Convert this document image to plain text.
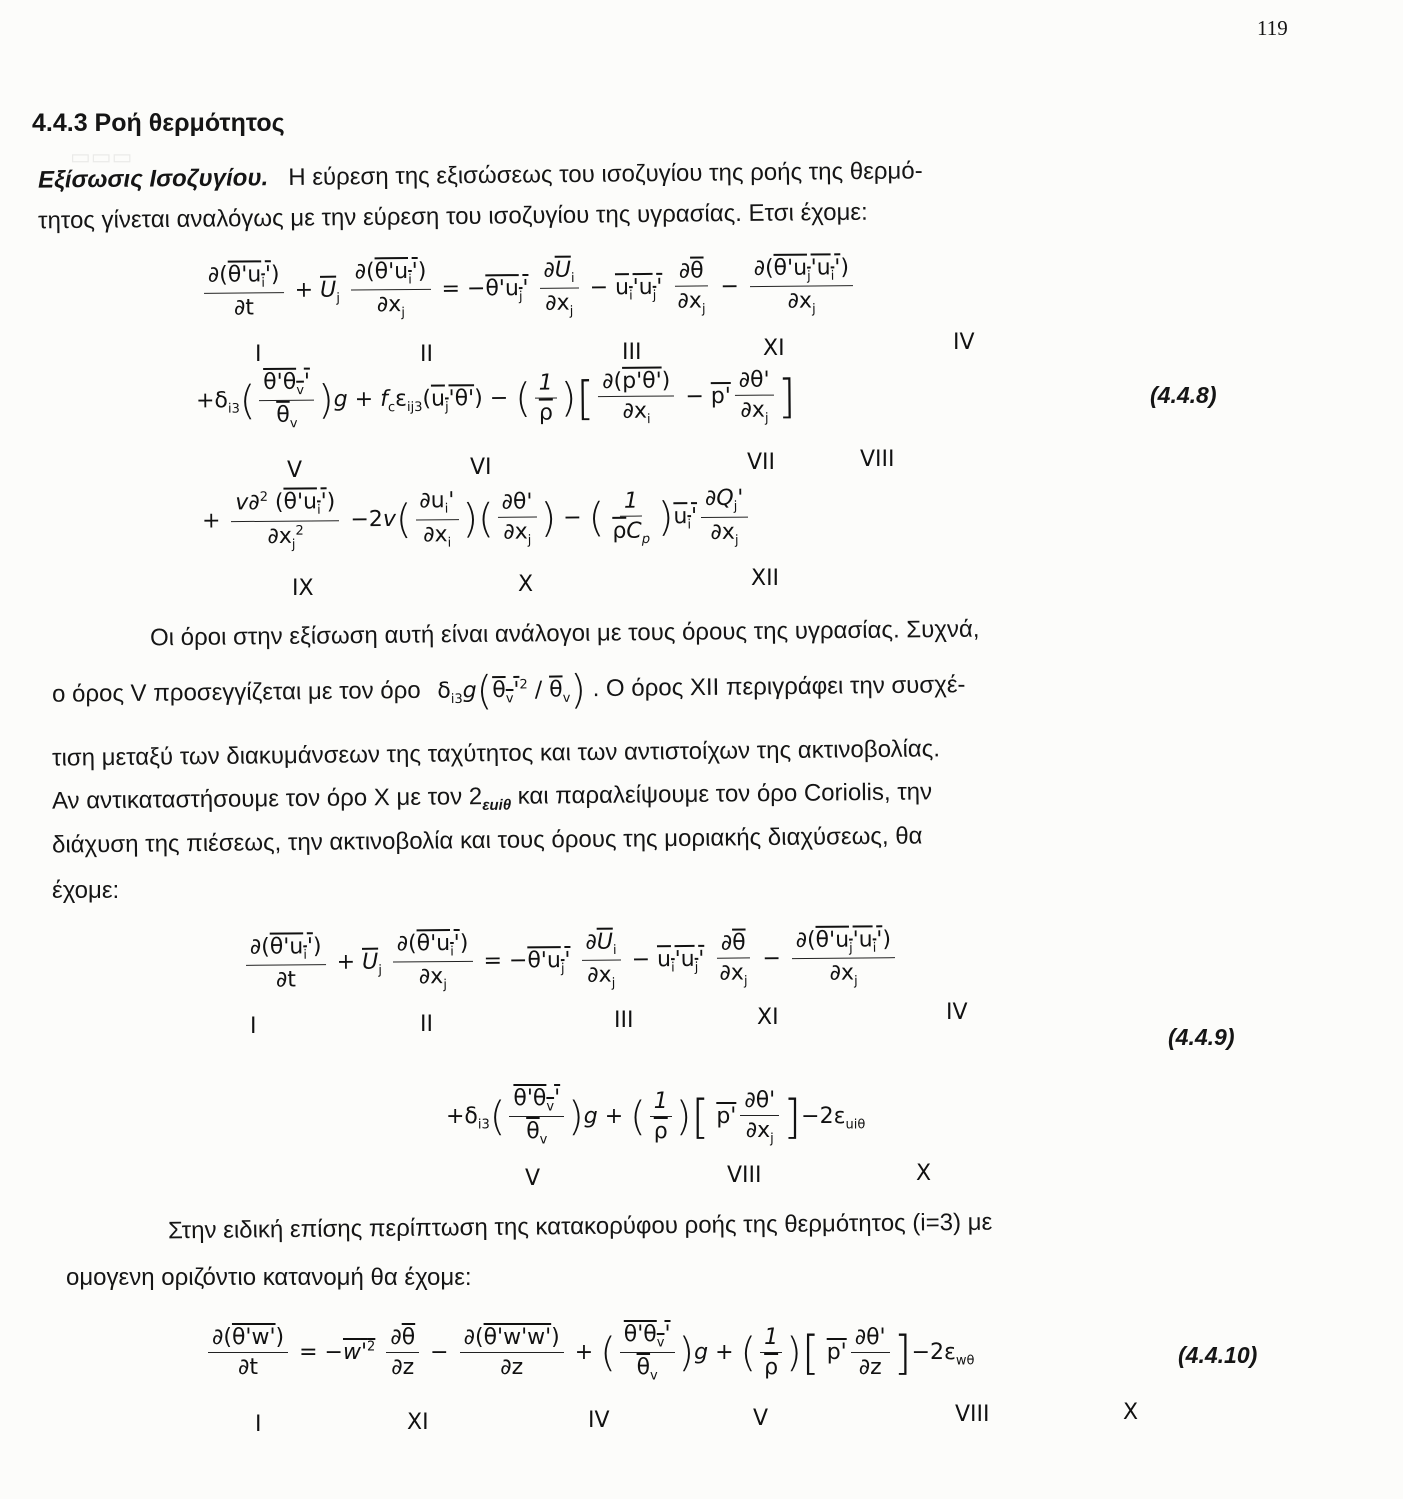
119
4.4.3 Ροή θερμότητος
▭▭▭
Εξίσωσις Ισοζυγίου. Η εύρεση της εξισώσεως του ισοζυγίου της ροής της θερμό-
τητος γίνεται αναλόγως με την εύρεση του ισοζυγίου της υγρασίας. Ετσι έχομε:
$\frac{\partial(\theta'u_i')}{\partial t} + \overline{U}_j \frac{\partial(\theta'u_i')}{\partial x_j} = -\theta'u_j' \frac{\partial\overline{U}_i}{\partial x_j} - u_i'u_j' \frac{\partial\overline{\theta}}{\partial x_j} - \frac{\partial(\theta'u_j'u_i')}{\partial x_j}$
I	II	III	XI	IV
$+\delta_{i3}( \frac{\theta'\theta_v'}{\overline{\theta}_v} )g + f_c\varepsilon_{ij3}(u_j'\theta')$ − ( $\frac{1}{\rho}$ )[ $\frac{\partial(p'\theta')}{\partial x_i} - p' \frac{\partial\theta'}{\partial x_j}$ ]	(4.4.8)
V	VI	VII	VIII
+ $\frac{v\partial^2 (\theta'u_i')}{\partial x_j^2} -2v( \frac{\partial u_i'}{\partial x_i}$ )( $\frac{\partial\theta'}{\partial x_j}$ ) − ( $\frac{1}{\overline{\rho}C_p} )u_i' \frac{\partial Q_j'}{\partial x_j}$
IX	X	XII
Οι όροι στην εξίσωση αυτή είναι ανάλογοι με τους όρους της υγρασίας. Συχνά,
ο όρος V προσεγγίζεται με τον όρο $\delta_{i3}g(\theta_v'^2 / \overline{\theta}_v)$ . Ο όρος XII περιγράφει την συσχέ-
τιση μεταξύ των διακυμάνσεων της ταχύτητος και των αντιστοίχων της ακτινοβολίας.
Αν αντικαταστήσουμε τον όρο X με τον $2_{\varepsilon ui\theta}$ και παραλείψουμε τον όρο Coriolis, την
διάχυση της πιέσεως, την ακτινοβολία και τους όρους της μοριακής διαχύσεως, θα
έχομε:
$\frac{\partial(\theta'u_i')}{\partial t} + \overline{U}_j \frac{\partial(\theta'u_i')}{\partial x_j} = -\theta'u_j' \frac{\partial\overline{U}_i}{\partial x_j} - u_i'u_j' \frac{\partial\overline{\theta}}{\partial x_j} - \frac{\partial(\theta'u_j'u_i')}{\partial x_j}$
I	II	III	XI	IV
(4.4.9)
$+\delta_{i3}( \frac{\theta'\theta_v'}{\overline{\theta}_v} )g$ + ( $\frac{1}{\rho}$ )[ $p' \frac{\partial\theta'}{\partial x_j} ]-2\varepsilon_{ui\theta}$
V	VIII	X
Στην ειδική επίσης περίπτωση της κατακορύφου ροής της θερμότητος (i=3) με
ομογενη οριζόντιο κατανομή θα έχομε:
$\frac{\partial(\theta'w')}{\partial t} = -w'^2 \frac{\partial\overline{\theta}}{\partial z} - \frac{\partial(\theta'w'w')}{\partial z}$ + ( $\frac{\theta'\theta_v'}{\overline{\theta}_v} )g$ + ( $\frac{1}{\rho}$ )[ $p' \frac{\partial\theta'}{\partial z} ]-2\varepsilon_{w\theta}$	(4.4.10)
I	XI	IV	V	VIII	X
